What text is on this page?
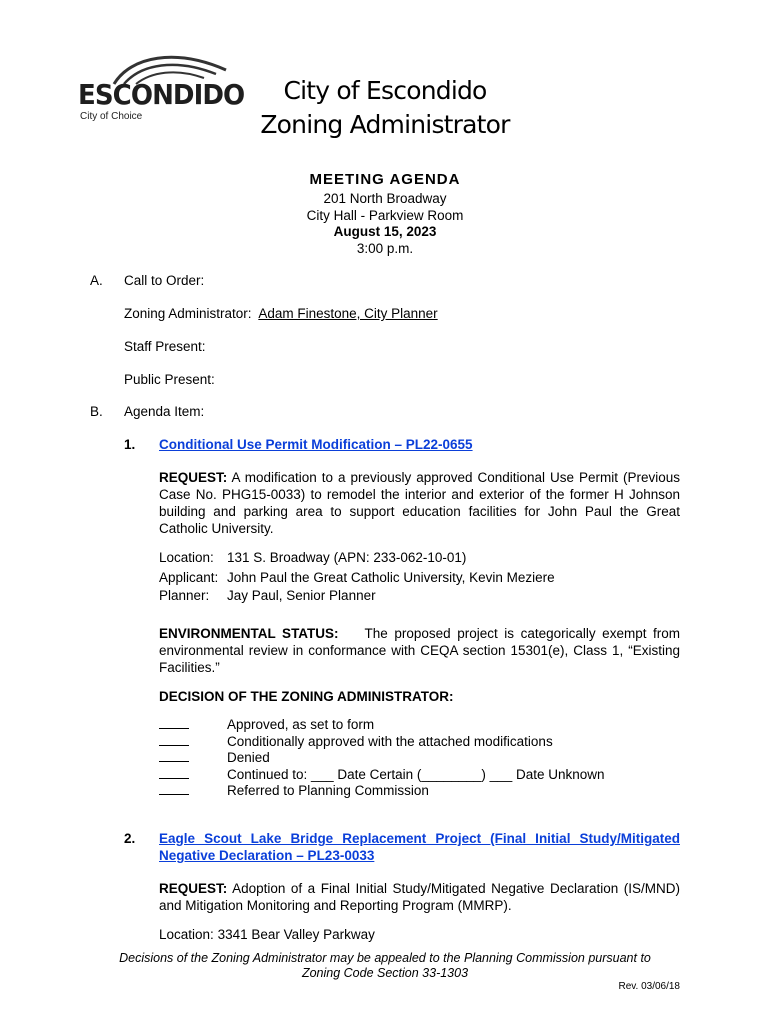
ESCONDIDO
City of Choice
City of Escondido
Zoning Administrator
MEETING AGENDA
201 North Broadway
City Hall - Parkview Room
August 15, 2023
3:00 p.m.
A. Call to Order:
Zoning Administrator: Adam Finestone, City Planner
Staff Present:
Public Present:
B. Agenda Item:
1. Conditional Use Permit Modification – PL22-0655
REQUEST: A modification to a previously approved Conditional Use Permit (Previous Case No. PHG15-0033) to remodel the interior and exterior of the former H Johnson building and parking area to support education facilities for John Paul the Great Catholic University.
Location: 131 S. Broadway (APN: 233-062-10-01)
Applicant: John Paul the Great Catholic University, Kevin Meziere
Planner: Jay Paul, Senior Planner
ENVIRONMENTAL STATUS: The proposed project is categorically exempt from environmental review in conformance with CEQA section 15301(e), Class 1, “Existing Facilities.”
DECISION OF THE ZONING ADMINISTRATOR:
Approved, as set to form
Conditionally approved with the attached modifications
Denied
Continued to: ___ Date Certain (________) ___ Date Unknown
Referred to Planning Commission
2. Eagle Scout Lake Bridge Replacement Project (Final Initial Study/Mitigated Negative Declaration – PL23-0033
REQUEST: Adoption of a Final Initial Study/Mitigated Negative Declaration (IS/MND) and Mitigation Monitoring and Reporting Program (MMRP).
Location: 3341 Bear Valley Parkway
Decisions of the Zoning Administrator may be appealed to the Planning Commission pursuant to
Zoning Code Section 33-1303
Rev. 03/06/18
